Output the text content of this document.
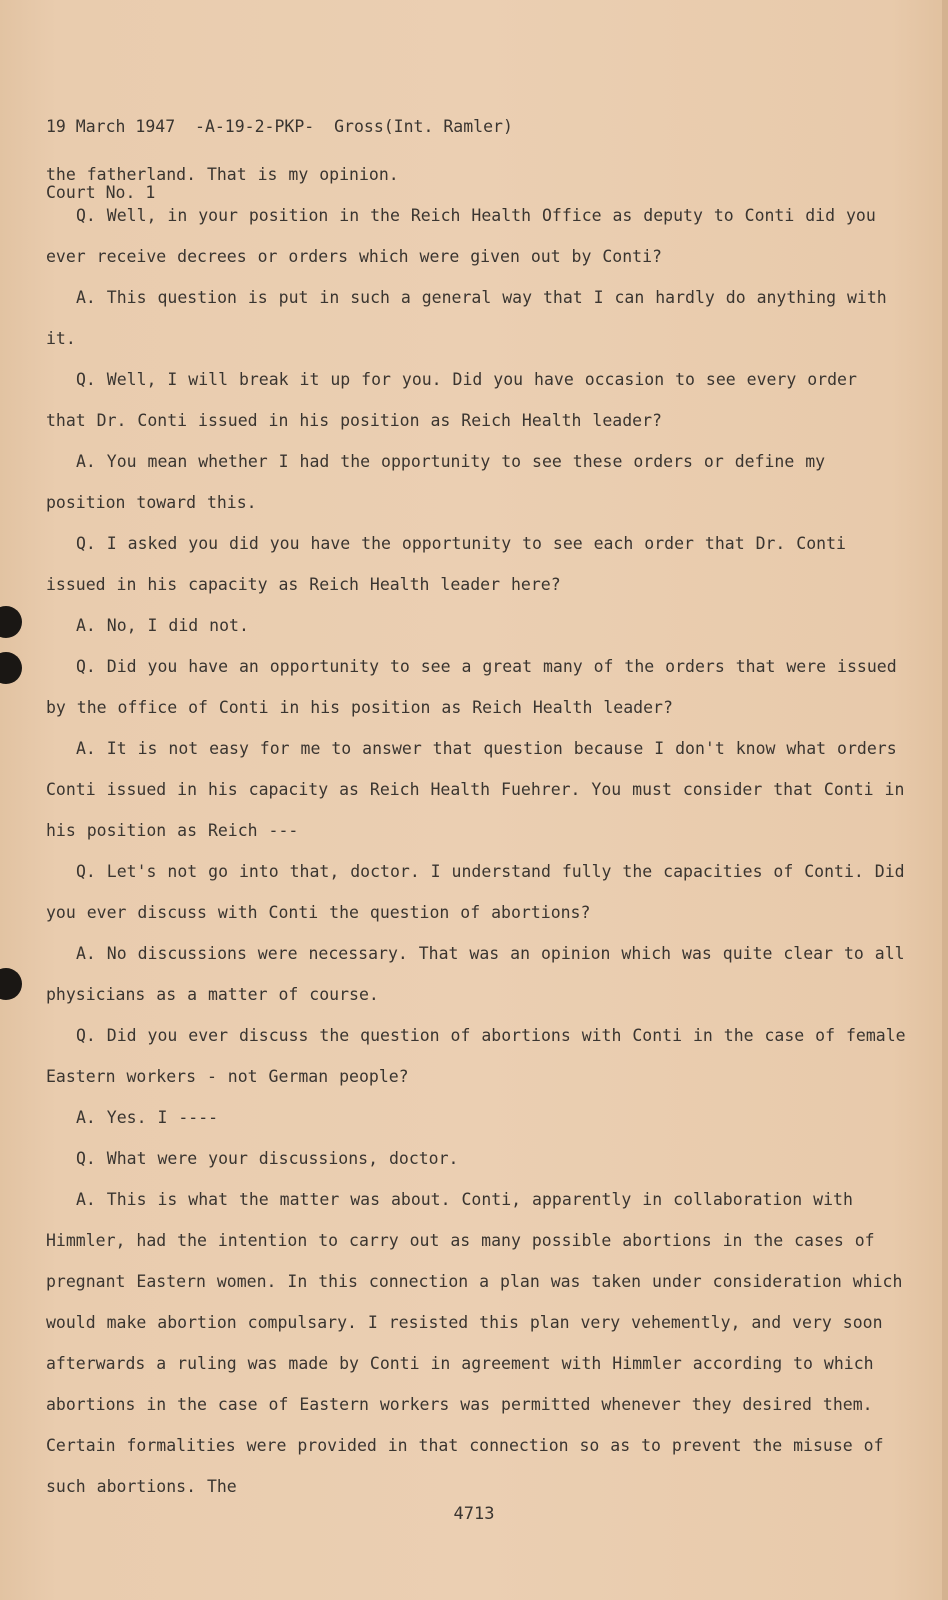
19 March 1947  -A-19-2-PKP-  Gross(Int. Ramler)

Court No. 1

the fatherland. That is my opinion.

Q. Well, in your position in the Reich Health Office as deputy to Conti did you ever receive decrees or orders which were given out by Conti?

A. This question is put in such a general way that I can hardly do anything with it.

Q. Well, I will break it up for you. Did you have occasion to see every order that Dr. Conti issued in his position as Reich Health leader?

A. You mean whether I had the opportunity to see these orders or define my position toward this.

Q. I asked you did you have the opportunity to see each order that Dr. Conti issued in his capacity as Reich Health leader here?

A. No, I did not.

Q. Did you have an opportunity to see a great many of the orders that were issued by the office of Conti in his position as Reich Health leader?

A. It is not easy for me to answer that question because I don't know what orders Conti issued in his capacity as Reich Health Fuehrer. You must consider that Conti in his position as Reich ---

Q. Let's not go into that, doctor. I understand fully the capacities of Conti. Did you ever discuss with Conti the question of abortions?

A. No discussions were necessary. That was an opinion which was quite clear to all physicians as a matter of course.

Q. Did you ever discuss the question of abortions with Conti in the case of female Eastern workers - not German people?

A. Yes. I ----

Q. What were your discussions, doctor.

A. This is what the matter was about. Conti, apparently in collaboration with Himmler, had the intention to carry out as many possible abortions in the cases of pregnant Eastern women. In this connection a plan was taken under consideration which would make abortion compulsary. I resisted this plan very vehemently, and very soon afterwards a ruling was made by Conti in agreement with Himmler according to which abortions in the case of Eastern workers was permitted whenever they desired them. Certain formalities were provided in that connection so as to prevent the misuse of such abortions. The

4713
